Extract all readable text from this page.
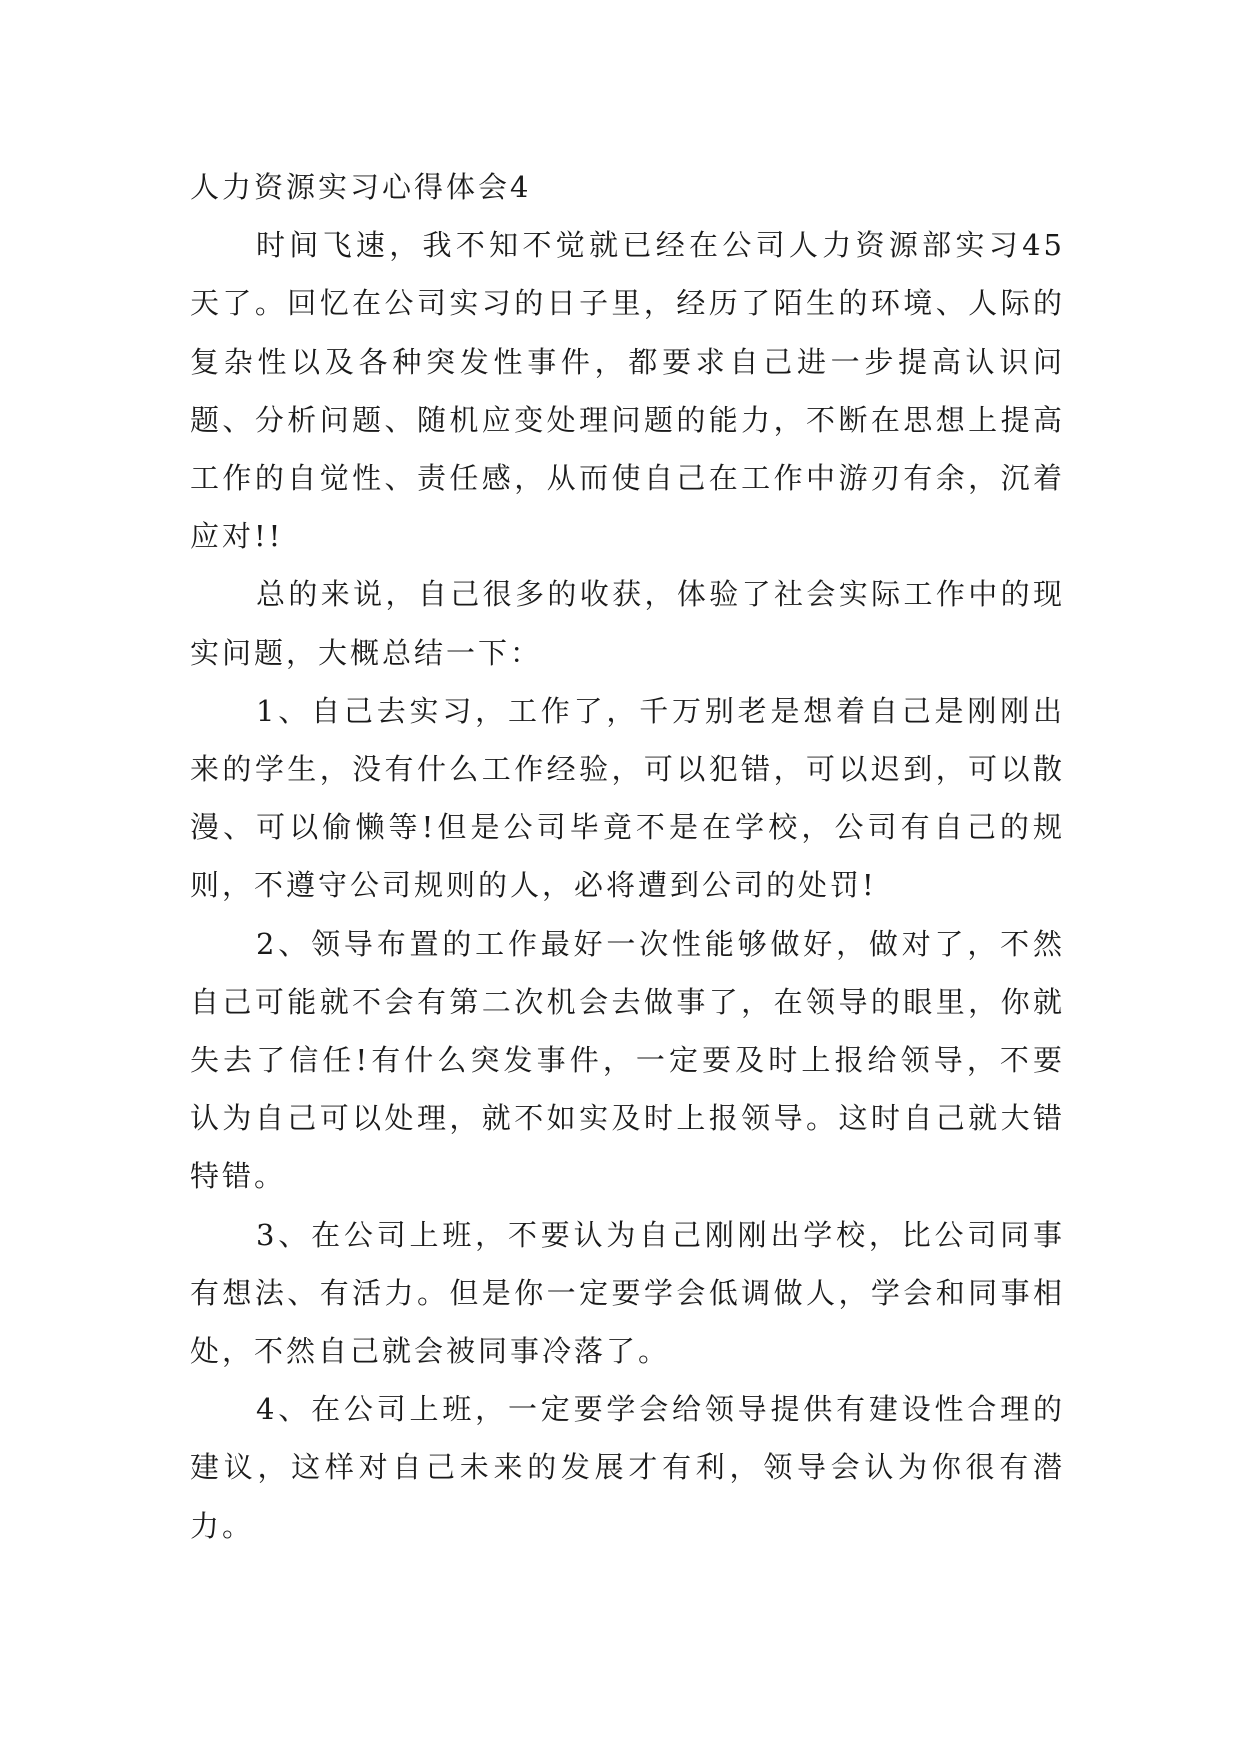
人力资源实习心得体会4

时间飞速，我不知不觉就已经在公司人力资源部实习45天了。回忆在公司实习的日子里，经历了陌生的环境、人际的复杂性以及各种突发性事件，都要求自己进一步提高认识问题、分析问题、随机应变处理问题的能力，不断在思想上提高工作的自觉性、责任感，从而使自己在工作中游刃有余，沉着应对!!

总的来说，自己很多的收获，体验了社会实际工作中的现实问题，大概总结一下：

1、自己去实习，工作了，千万别老是想着自己是刚刚出来的学生，没有什么工作经验，可以犯错，可以迟到，可以散漫、可以偷懒等!但是公司毕竟不是在学校，公司有自己的规则，不遵守公司规则的人，必将遭到公司的处罚!

2、领导布置的工作最好一次性能够做好，做对了，不然自己可能就不会有第二次机会去做事了，在领导的眼里，你就失去了信任!有什么突发事件，一定要及时上报给领导，不要认为自己可以处理，就不如实及时上报领导。这时自己就大错特错。

3、在公司上班，不要认为自己刚刚出学校，比公司同事有想法、有活力。但是你一定要学会低调做人，学会和同事相处，不然自己就会被同事冷落了。

4、在公司上班，一定要学会给领导提供有建设性合理的建议，这样对自己未来的发展才有利，领导会认为你很有潜力。
